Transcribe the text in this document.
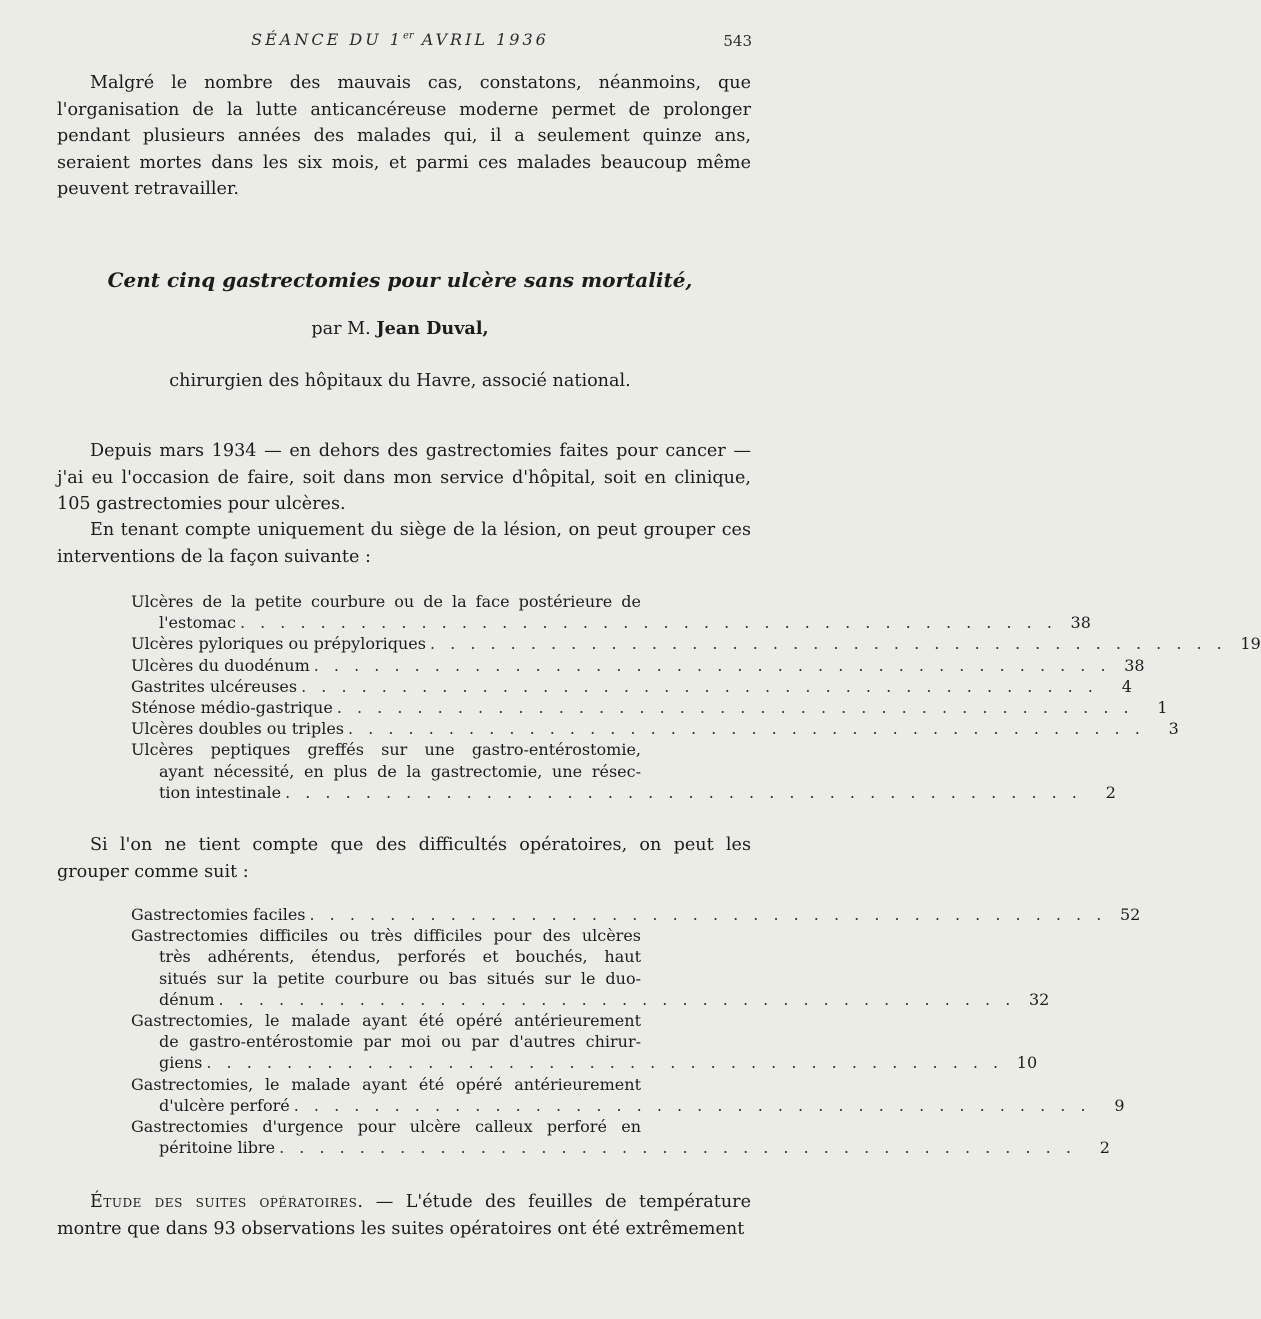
SÉANCE DU 1er AVRIL 1936	543

Malgré le nombre des mauvais cas, constatons, néanmoins, que l'organisation de la lutte anticancéreuse moderne permet de prolonger pendant plusieurs années des malades qui, il a seulement quinze ans, seraient mortes dans les six mois, et parmi ces malades beaucoup même peuvent retravailler.

Cent cinq gastrectomies pour ulcère sans mortalité,
par M. Jean Duval,
chirurgien des hôpitaux du Havre, associé national.

Depuis mars 1934 — en dehors des gastrectomies faites pour cancer — j'ai eu l'occasion de faire, soit dans mon service d'hôpital, soit en clinique, 105 gastrectomies pour ulcères.

En tenant compte uniquement du siège de la lésion, on peut grouper ces interventions de la façon suivante :

Ulcères de la petite courbure ou de la face postérieure de
l'estomac . . . . . . . . . . . . . . . . . . . . . . . . . . . . . . . . . . . . . . . . . 38
Ulcères pyloriques ou prépyloriques . . . . . . . . . . . . . . . . . . . . . . . . . . . . . . . . . . . . . . . . 19
Ulcères du duodénum . . . . . . . . . . . . . . . . . . . . . . . . . . . . . . . . . . . . . . . . 38
Gastrites ulcéreuses . . . . . . . . . . . . . . . . . . . . . . . . . . . . . . . . . . . . . . . .	4
Sténose médio-gastrique . . . . . . . . . . . . . . . . . . . . . . . . . . . . . . . . . . . . . . . .	1
Ulcères doubles ou triples . . . . . . . . . . . . . . . . . . . . . . . . . . . . . . . . . . . . . . . .	3
Ulcères peptiques greffés sur une gastro-entérostomie,
ayant nécessité, en plus de la gastrectomie, une résec-
tion intestinale . . . . . . . . . . . . . . . . . . . . . . . . . . . . . . . . . . . . . . . .	2

Si l'on ne tient compte que des difficultés opératoires, on peut les grouper comme suit :

Gastrectomies faciles . . . . . . . . . . . . . . . . . . . . . . . . . . . . . . . . . . . . . . . . 52
Gastrectomies difficiles ou très difficiles pour des ulcères
très adhérents, étendus, perforés et bouchés, haut
situés sur la petite courbure ou bas situés sur le duo-
dénum . . . . . . . . . . . . . . . . . . . . . . . . . . . . . . . . . . . . . . . . 32
Gastrectomies, le malade ayant été opéré antérieurement
de gastro-entérostomie par moi ou par d'autres chirur-
giens . . . . . . . . . . . . . . . . . . . . . . . . . . . . . . . . . . . . . . . . 10
Gastrectomies, le malade ayant été opéré antérieurement
d'ulcère perforé . . . . . . . . . . . . . . . . . . . . . . . . . . . . . . . . . . . . . . . .	9
Gastrectomies d'urgence pour ulcère calleux perforé en
péritoine libre . . . . . . . . . . . . . . . . . . . . . . . . . . . . . . . . . . . . . . . .	2

Étude des suites opératoires. — L'étude des feuilles de température montre que dans 93 observations les suites opératoires ont été extrêmement
